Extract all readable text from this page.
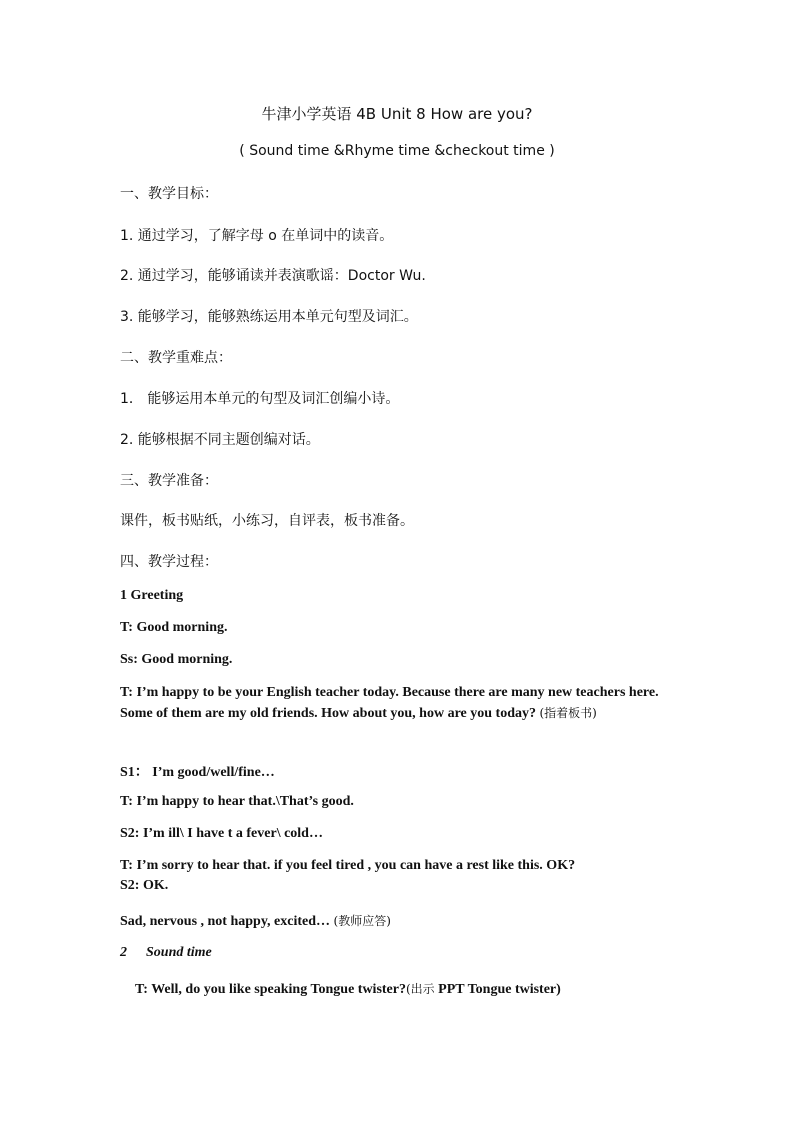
牛津小学英语 4B Unit 8 How are you?
( Sound time &Rhyme time &checkout time )
一、教学目标：
1. 通过学习，了解字母 o 在单词中的读音。
2. 通过学习，能够诵读并表演歌谣：Doctor Wu.
3. 能够学习，能够熟练运用本单元句型及词汇。
二、教学重难点：
1． 能够运用本单元的句型及词汇创编小诗。
2. 能够根据不同主题创编对话。
三、教学准备：
课件，板书贴纸，小练习，自评表，板书准备。
四、教学过程：
1 Greeting
T: Good morning.
Ss: Good morning.
T: I’m happy to be your English teacher today. Because there are many new teachers here. Some of them are my old friends. How about you, how are you today? (指着板书)
S1： I’m good/well/fine…
T: I’m happy to hear that.\That’s good.
S2: I’m ill\ I have t a fever\ cold…
T: I’m sorry to hear that. if you feel tired , you can have a rest like this. OK?
S2: OK.
Sad, nervous , not happy, excited… (教师应答)
2 Sound time
T: Well, do you like speaking Tongue twister?(出示 PPT Tongue twister)
